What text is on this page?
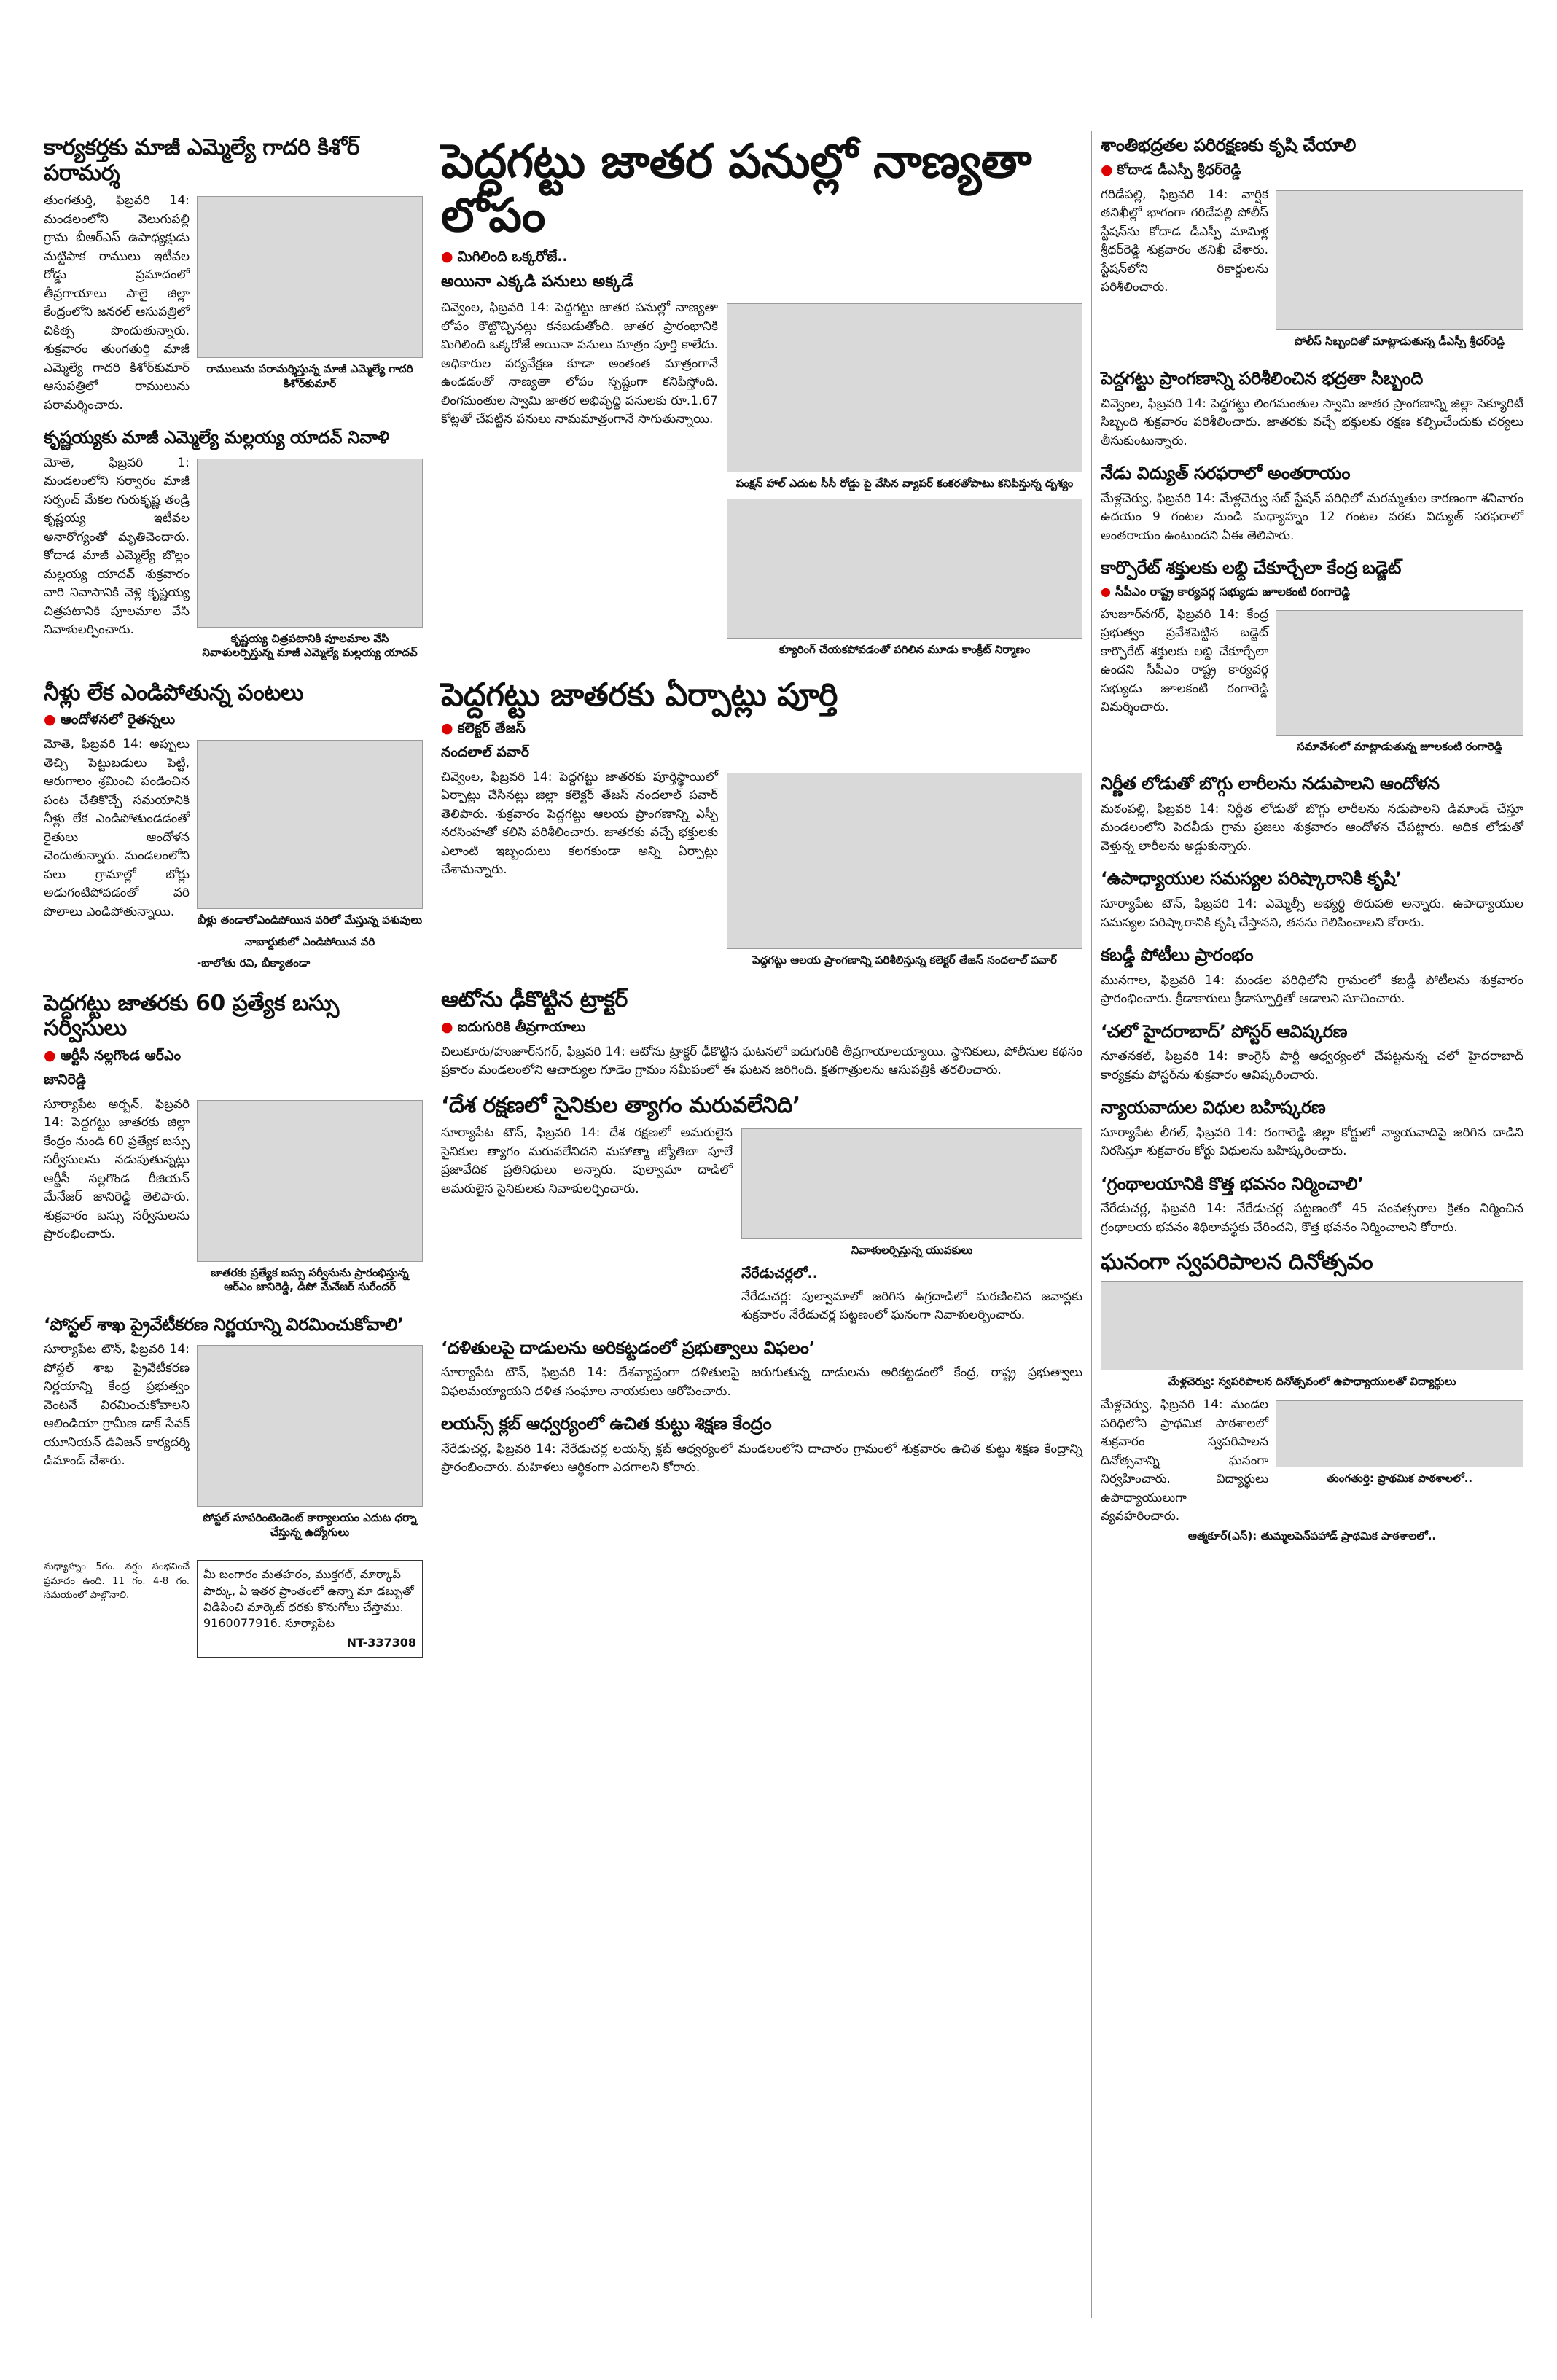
కార్యకర్తకు మాజీ ఎమ్మెల్యే గాదరి కిశోర్ పరామర్శ
తుంగతుర్తి, ఫిబ్రవరి 14: మండలంలోని వెలుగుపల్లి గ్రామ బీఆర్ఎస్ ఉపాధ్యక్షుడు మట్టిపాక రాములు ఇటీవల రోడ్డు ప్రమాదంలో తీవ్రగాయాలు పాలై జిల్లా కేంద్రంలోని జనరల్ ఆసుపత్రిలో చికిత్స పొందుతున్నారు. శుక్రవారం తుంగతుర్తి మాజీ ఎమ్మెల్యే గాదరి కిశోర్‌కుమార్ ఆసుపత్రిలో రాములును పరామర్శించారు.
రాములును పరామర్శిస్తున్న మాజీ ఎమ్మెల్యే గాదరి కిశోర్‌కుమార్
కృష్ణయ్యకు మాజీ ఎమ్మెల్యే మల్లయ్య యాదవ్ నివాళి
మోతె, ఫిబ్రవరి 1: మండలంలోని సర్వారం మాజీ సర్పంచ్ మేకల గురుకృష్ణ తండ్రి కృష్ణయ్య ఇటీవల అనారోగ్యంతో మృతిచెందారు. కోదాడ మాజీ ఎమ్మెల్యే బొల్లం మల్లయ్య యాదవ్ శుక్రవారం వారి నివాసానికి వెళ్లి కృష్ణయ్య చిత్రపటానికి పూలమాల వేసి నివాళులర్పించారు.
కృష్ణయ్య చిత్రపటానికి పూలమాల వేసి నివాళులర్పిస్తున్న మాజీ ఎమ్మెల్యే మల్లయ్య యాదవ్
నీళ్లు లేక ఎండిపోతున్న పంటలు
● ఆందోళనలో రైతన్నలు
మోతె, ఫిబ్రవరి 14: అప్పులు తెచ్చి పెట్టుబడులు పెట్టి, ఆరుగాలం శ్రమించి పండించిన పంట చేతికొచ్చే సమయానికి నీళ్లు లేక ఎండిపోతుండడంతో రైతులు ఆందోళన చెందుతున్నారు. మండలంలోని పలు గ్రామాల్లో బోర్లు అడుగంటిపోవడంతో వరి పొలాలు ఎండిపోతున్నాయి.
బీళ్లు తండాలోఎండిపోయిన వరిలో మేస్తున్న పశువులు
నాబార్డుకులో ఎండిపోయిన వరి
-బాలోతు రవి, బీక్యాతండా
పెద్దగట్టు జాతరకు 60 ప్రత్యేక బస్సు సర్వీసులు
● ఆర్టీసీ నల్లగొండ ఆర్ఎం
జానిరెడ్డి
సూర్యాపేట అర్బన్, ఫిబ్రవరి 14: పెద్దగట్టు జాతరకు జిల్లా కేంద్రం నుండి 60 ప్రత్యేక బస్సు సర్వీసులను నడుపుతున్నట్లు ఆర్టీసీ నల్లగొండ రీజియన్ మేనేజర్ జానిరెడ్డి తెలిపారు. శుక్రవారం బస్సు సర్వీసులను ప్రారంభించారు.
జాతరకు ప్రత్యేక బస్సు సర్వీసును ప్రారంభిస్తున్న ఆర్ఎం జానిరెడ్డి, డిపో మేనేజర్ సురేందర్
‘పోస్టల్ శాఖ ప్రైవేటీకరణ నిర్ణయాన్ని విరమించుకోవాలి’
సూర్యాపేట టౌన్, ఫిబ్రవరి 14: పోస్టల్ శాఖ ప్రైవేటీకరణ నిర్ణయాన్ని కేంద్ర ప్రభుత్వం వెంటనే విరమించుకోవాలని ఆలిండియా గ్రామీణ డాక్ సేవక్ యూనియన్ డివిజన్ కార్యదర్శి డిమాండ్ చేశారు.
పోస్టల్ సూపరింటెండెంట్ కార్యాలయం ఎదుట ధర్నా చేస్తున్న ఉద్యోగులు
మధ్యాహ్నం 5గం. వర్షం సంభవించే ప్రమాదం ఉంది. 11 గం. 4-8 గం. సమయంలో పాల్గొనాలి.
మీ బంగారం మతహరం, ముక్తగల్, మార్కాప్ పార్కు, ఏ ఇతర ప్రాంతంలో ఉన్నా మా డబ్బుతో విడిపించి మార్కెట్ ధరకు కొనుగోలు చేస్తాము. 9160077916. సూర్యాపేట
NT-337308
పెద్దగట్టు జాతర పనుల్లో నాణ్యతా లోపం
● మిగిలింది ఒక్కరోజే..
అయినా ఎక్కడి పనులు అక్కడే
చివ్వెంల, ఫిబ్రవరి 14: పెద్దగట్టు జాతర పనుల్లో నాణ్యతా లోపం కొట్టొచ్చినట్లు కనబడుతోంది. జాతర ప్రారంభానికి మిగిలింది ఒక్కరోజే అయినా పనులు మాత్రం పూర్తి కాలేదు. అధికారుల పర్యవేక్షణ కూడా అంతంత మాత్రంగానే ఉండడంతో నాణ్యతా లోపం స్పష్టంగా కనిపిస్తోంది. లింగమంతుల స్వామి జాతర అభివృద్ధి పనులకు రూ.1.67 కోట్లతో చేపట్టిన పనులు నామమాత్రంగానే సాగుతున్నాయి.
పంక్షన్ హాల్ ఎదుట సీసీ రోడ్డు పై వేసిన వ్యాపర్ కంకరతోపాటు కనిపిస్తున్న దృశ్యం
క్యూరింగ్ చేయకపోవడంతో పగిలిన మూడు కాంక్రీట్ నిర్మాణం
పెద్దగట్టు జాతరకు ఏర్పాట్లు పూర్తి
● కలెక్టర్ తేజస్
నందలాల్ పవార్
చివ్వెంల, ఫిబ్రవరి 14: పెద్దగట్టు జాతరకు పూర్తిస్థాయిలో ఏర్పాట్లు చేసినట్లు జిల్లా కలెక్టర్ తేజస్ నందలాల్ పవార్ తెలిపారు. శుక్రవారం పెద్దగట్టు ఆలయ ప్రాంగణాన్ని ఎస్పీ నరసింహతో కలిసి పరిశీలించారు. జాతరకు వచ్చే భక్తులకు ఎలాంటి ఇబ్బందులు కలగకుండా అన్ని ఏర్పాట్లు చేశామన్నారు.
పెద్దగట్టు ఆలయ ప్రాంగణాన్ని పరిశీలిస్తున్న కలెక్టర్ తేజస్ నందలాల్ పవార్
ఆటోను ఢీకొట్టిన ట్రాక్టర్
● ఐదుగురికి తీవ్రగాయాలు
చిలుకూరు/హుజూర్‌నగర్, ఫిబ్రవరి 14: ఆటోను ట్రాక్టర్ ఢీకొట్టిన ఘటనలో ఐదుగురికి తీవ్రగాయాలయ్యాయి. స్థానికులు, పోలీసుల కథనం ప్రకారం మండలంలోని ఆచార్యుల గూడెం గ్రామం సమీపంలో ఈ ఘటన జరిగింది. క్షతగాత్రులను ఆసుపత్రికి తరలించారు.
‘దేశ రక్షణలో సైనికుల త్యాగం మరువలేనిది’
సూర్యాపేట టౌన్, ఫిబ్రవరి 14: దేశ రక్షణలో అమరులైన సైనికుల త్యాగం మరువలేనిదని మహాత్మా జ్యోతిబా పూలే ప్రజావేదిక ప్రతినిధులు అన్నారు. పుల్వామా దాడిలో అమరులైన సైనికులకు నివాళులర్పించారు.
నివాళులర్పిస్తున్న యువకులు
నేరేడుచర్లలో..
నేరేడుచర్ల: పుల్వామాలో జరిగిన ఉగ్రదాడిలో మరణించిన జవాన్లకు శుక్రవారం నేరేడుచర్ల పట్టణంలో ఘనంగా నివాళులర్పించారు.
‘దళితులపై దాడులను అరికట్టడంలో ప్రభుత్వాలు విఫలం’
సూర్యాపేట టౌన్, ఫిబ్రవరి 14: దేశవ్యాప్తంగా దళితులపై జరుగుతున్న దాడులను అరికట్టడంలో కేంద్ర, రాష్ట్ర ప్రభుత్వాలు విఫలమయ్యాయని దళిత సంఘాల నాయకులు ఆరోపించారు.
లయన్స్ క్లబ్ ఆధ్వర్యంలో ఉచిత కుట్టు శిక్షణ కేంద్రం
నేరేడుచర్ల, ఫిబ్రవరి 14: నేరేడుచర్ల లయన్స్ క్లబ్ ఆధ్వర్యంలో మండలంలోని దాచారం గ్రామంలో శుక్రవారం ఉచిత కుట్టు శిక్షణ కేంద్రాన్ని ప్రారంభించారు. మహిళలు ఆర్థికంగా ఎదగాలని కోరారు.
శాంతిభద్రతల పరిరక్షణకు కృషి చేయాలి
● కోదాడ డీఎస్పీ శ్రీధర్‌రెడ్డి
గరిడేపల్లి, ఫిబ్రవరి 14: వార్షిక తనిఖీల్లో భాగంగా గరిడేపల్లి పోలీస్ స్టేషన్‌ను కోదాడ డీఎస్పీ మామిళ్ల శ్రీధర్‌రెడ్డి శుక్రవారం తనిఖీ చేశారు. స్టేషన్‌లోని రికార్డులను పరిశీలించారు.
పోలీస్ సిబ్బందితో మాట్లాడుతున్న డీఎస్పీ శ్రీధర్‌రెడ్డి
పెద్దగట్టు ప్రాంగణాన్ని పరిశీలించిన భద్రతా సిబ్బంది
చివ్వెంల, ఫిబ్రవరి 14: పెద్దగట్టు లింగమంతుల స్వామి జాతర ప్రాంగణాన్ని జిల్లా సెక్యూరిటీ సిబ్బంది శుక్రవారం పరిశీలించారు. జాతరకు వచ్చే భక్తులకు రక్షణ కల్పించేందుకు చర్యలు తీసుకుంటున్నారు.
నేడు విద్యుత్ సరఫరాలో అంతరాయం
మేళ్లచెర్వు, ఫిబ్రవరి 14: మేళ్లచెర్వు సబ్ స్టేషన్ పరిధిలో మరమ్మతుల కారణంగా శనివారం ఉదయం 9 గంటల నుండి మధ్యాహ్నం 12 గంటల వరకు విద్యుత్ సరఫరాలో అంతరాయం ఉంటుందని ఏఈ తెలిపారు.
కార్పొరేట్ శక్తులకు లబ్ది చేకూర్చేలా కేంద్ర బడ్జెట్
● సీపీఎం రాష్ట్ర కార్యవర్గ సభ్యుడు జూలకంటి రంగారెడ్డి
హుజూర్‌నగర్, ఫిబ్రవరి 14: కేంద్ర ప్రభుత్వం ప్రవేశపెట్టిన బడ్జెట్ కార్పొరేట్ శక్తులకు లబ్ది చేకూర్చేలా ఉందని సీపీఎం రాష్ట్ర కార్యవర్గ సభ్యుడు జూలకంటి రంగారెడ్డి విమర్శించారు.
సమావేశంలో మాట్లాడుతున్న జూలకంటి రంగారెడ్డి
నిర్ణీత లోడుతో బొగ్గు లారీలను నడుపాలని ఆందోళన
మఠంపల్లి, ఫిబ్రవరి 14: నిర్ణీత లోడుతో బొగ్గు లారీలను నడుపాలని డిమాండ్ చేస్తూ మండలంలోని పెదవీడు గ్రామ ప్రజలు శుక్రవారం ఆందోళన చేపట్టారు. అధిక లోడుతో వెళ్తున్న లారీలను అడ్డుకున్నారు.
‘ఉపాధ్యాయుల సమస్యల పరిష్కారానికి కృషి’
సూర్యాపేట టౌన్, ఫిబ్రవరి 14: ఎమ్మెల్సీ అభ్యర్థి తిరుపతి అన్నారు. ఉపాధ్యాయుల సమస్యల పరిష్కారానికి కృషి చేస్తానని, తనను గెలిపించాలని కోరారు.
కబడ్డీ పోటీలు ప్రారంభం
మునగాల, ఫిబ్రవరి 14: మండల పరిధిలోని గ్రామంలో కబడ్డీ పోటీలను శుక్రవారం ప్రారంభించారు. క్రీడాకారులు క్రీడాస్ఫూర్తితో ఆడాలని సూచించారు.
‘చలో హైదరాబాద్’ పోస్టర్ ఆవిష్కరణ
నూతనకల్, ఫిబ్రవరి 14: కాంగ్రెస్ పార్టీ ఆధ్వర్యంలో చేపట్టనున్న చలో హైదరాబాద్ కార్యక్రమ పోస్టర్‌ను శుక్రవారం ఆవిష్కరించారు.
న్యాయవాదుల విధుల బహిష్కరణ
సూర్యాపేట లీగల్, ఫిబ్రవరి 14: రంగారెడ్డి జిల్లా కోర్టులో న్యాయవాదిపై జరిగిన దాడిని నిరసిస్తూ శుక్రవారం కోర్టు విధులను బహిష్కరించారు.
‘గ్రంథాలయానికి కొత్త భవనం నిర్మించాలి’
నేరేడుచర్ల, ఫిబ్రవరి 14: నేరేడుచర్ల పట్టణంలో 45 సంవత్సరాల క్రితం నిర్మించిన గ్రంథాలయ భవనం శిథిలావస్థకు చేరిందని, కొత్త భవనం నిర్మించాలని కోరారు.
ఘనంగా స్వపరిపాలన దినోత్సవం
మేళ్లచెర్వు: స్వపరిపాలన దినోత్సవంలో ఉపాధ్యాయులతో విద్యార్థులు
మేళ్లచెర్వు, ఫిబ్రవరి 14: మండల పరిధిలోని ప్రాథమిక పాఠశాలలో శుక్రవారం స్వపరిపాలన దినోత్సవాన్ని ఘనంగా నిర్వహించారు. విద్యార్థులు ఉపాధ్యాయులుగా వ్యవహరించారు.
తుంగతుర్తి: ప్రాథమిక పాఠశాలలో..
ఆత్మకూర్(ఎస్): తుమ్మలపెన్‌పహాడ్ ప్రాథమిక పాఠశాలలో..
